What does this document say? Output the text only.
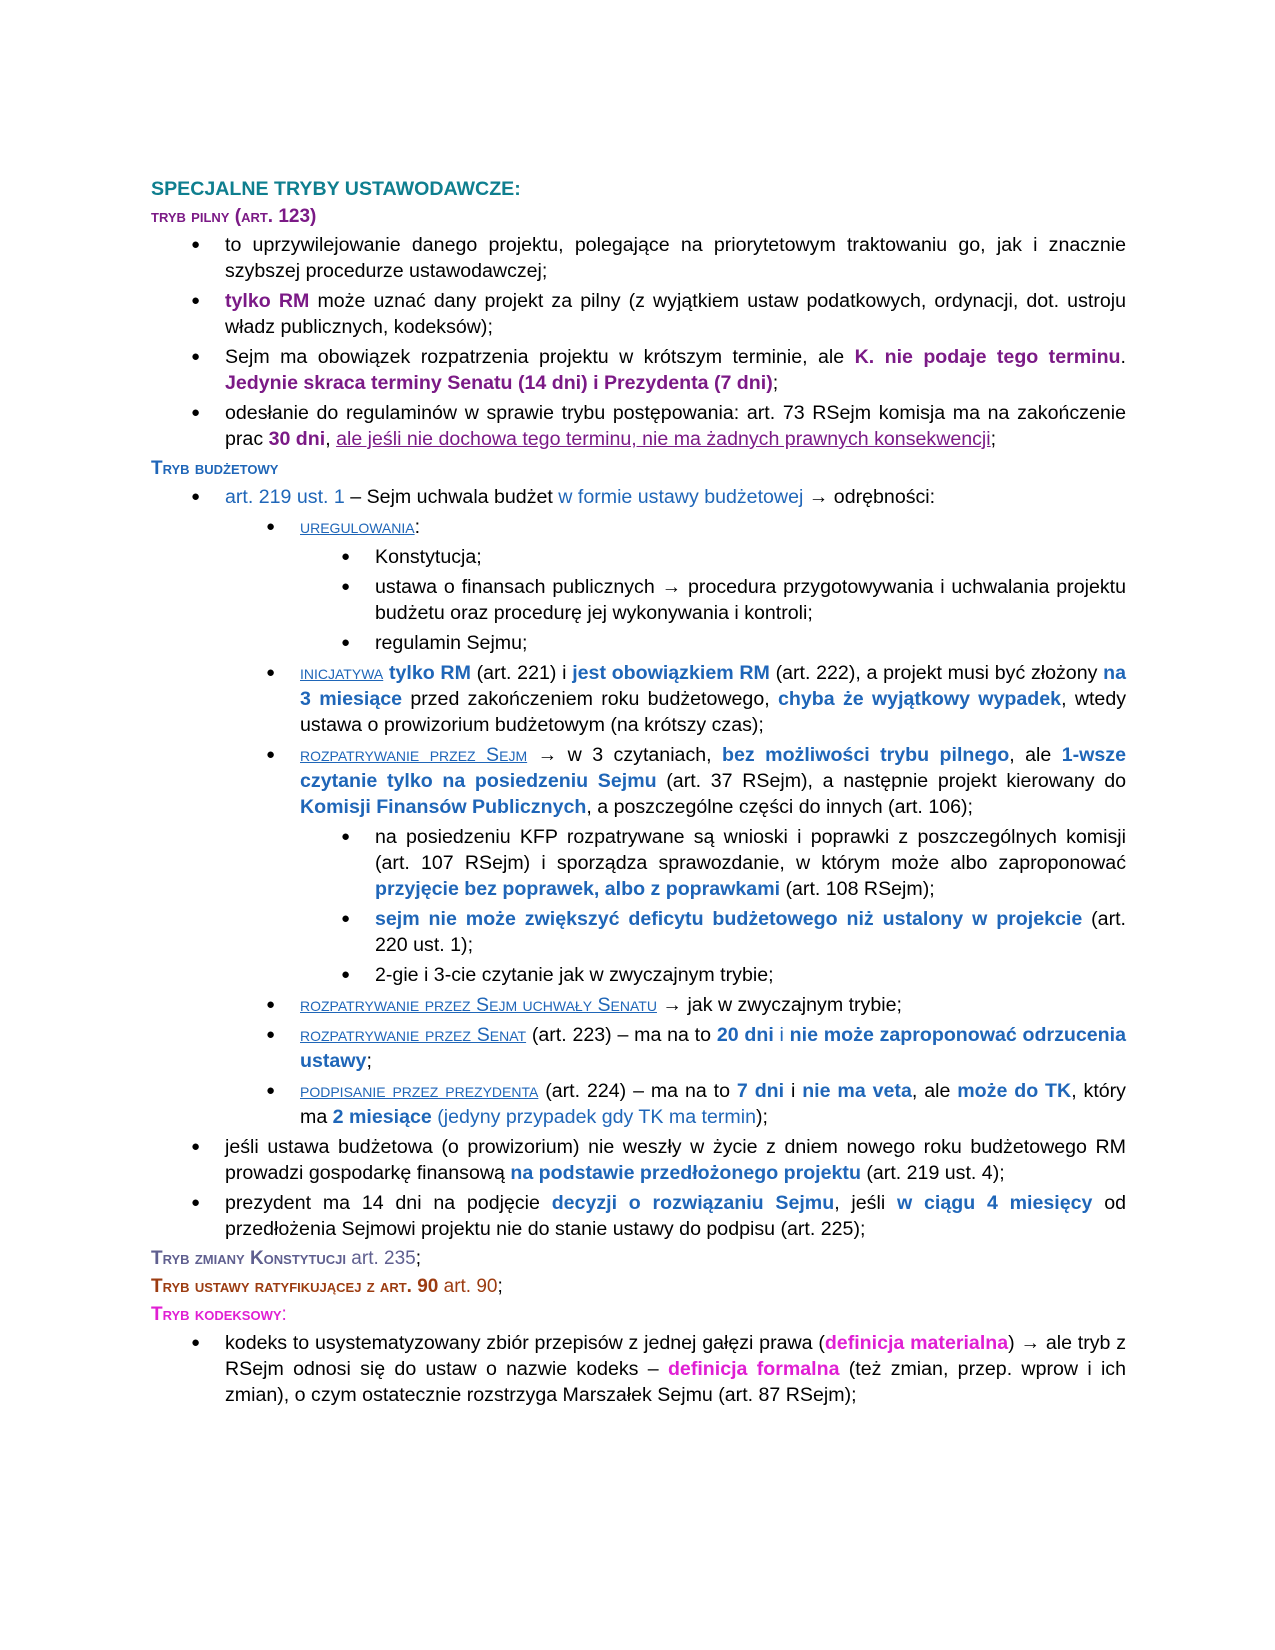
SPECJALNE TRYBY USTAWODAWCZE:
tryb pilny (art. 123)
● to uprzywilejowanie danego projektu, polegające na priorytetowym traktowaniu go, jak i znacznie szybszej procedurze ustawodawczej;
● tylko RM może uznać dany projekt za pilny (z wyjątkiem ustaw podatkowych, ordynacji, dot. ustroju władz publicznych, kodeksów);
● Sejm ma obowiązek rozpatrzenia projektu w krótszym terminie, ale K. nie podaje tego terminu. Jedynie skraca terminy Senatu (14 dni) i Prezydenta (7 dni);
● odesłanie do regulaminów w sprawie trybu postępowania: art. 73 RSejm komisja ma na zakończenie prac 30 dni, ale jeśli nie dochowa tego terminu, nie ma żadnych prawnych konsekwencji;
Tryb budżetowy
● art. 219 ust. 1 – Sejm uchwala budżet w formie ustawy budżetowej → odrębności:
● uregulowania:
● Konstytucja;
● ustawa o finansach publicznych → procedura przygotowywania i uchwalania projektu budżetu oraz procedurę jej wykonywania i kontroli;
● regulamin Sejmu;
● inicjatywa tylko RM (art. 221) i jest obowiązkiem RM (art. 222), a projekt musi być złożony na 3 miesiące przed zakończeniem roku budżetowego, chyba że wyjątkowy wypadek, wtedy ustawa o prowizorium budżetowym (na krótszy czas);
● rozpatrywanie przez Sejm → w 3 czytaniach, bez możliwości trybu pilnego, ale 1-wsze czytanie tylko na posiedzeniu Sejmu (art. 37 RSejm), a następnie projekt kierowany do Komisji Finansów Publicznych, a poszczególne części do innych (art. 106);
● na posiedzeniu KFP rozpatrywane są wnioski i poprawki z poszczególnych komisji (art. 107 RSejm) i sporządza sprawozdanie, w którym może albo zaproponować przyjęcie bez poprawek, albo z poprawkami (art. 108 RSejm);
● sejm nie może zwiększyć deficytu budżetowego niż ustalony w projekcie (art. 220 ust. 1);
● 2-gie i 3-cie czytanie jak w zwyczajnym trybie;
● rozpatrywanie przez Sejm uchwały Senatu → jak w zwyczajnym trybie;
● rozpatrywanie przez Senat (art. 223) – ma na to 20 dni i nie może zaproponować odrzucenia ustawy;
● podpisanie przez prezydenta (art. 224) – ma na to 7 dni i nie ma veta, ale może do TK, który ma 2 miesiące (jedyny przypadek gdy TK ma termin);
● jeśli ustawa budżetowa (o prowizorium) nie weszły w życie z dniem nowego roku budżetowego RM prowadzi gospodarkę finansową na podstawie przedłożonego projektu (art. 219 ust. 4);
● prezydent ma 14 dni na podjęcie decyzji o rozwiązaniu Sejmu, jeśli w ciągu 4 miesięcy od przedłożenia Sejmowi projektu nie do stanie ustawy do podpisu (art. 225);
Tryb zmiany Konstytucji art. 235;
Tryb ustawy ratyfikującej z art. 90 art. 90;
Tryb kodeksowy:
● kodeks to usystematyzowany zbiór przepisów z jednej gałęzi prawa (definicja materialna) → ale tryb z RSejm odnosi się do ustaw o nazwie kodeks – definicja formalna (też zmian, przep. wprow i ich zmian), o czym ostatecznie rozstrzyga Marszałek Sejmu (art. 87 RSejm);
